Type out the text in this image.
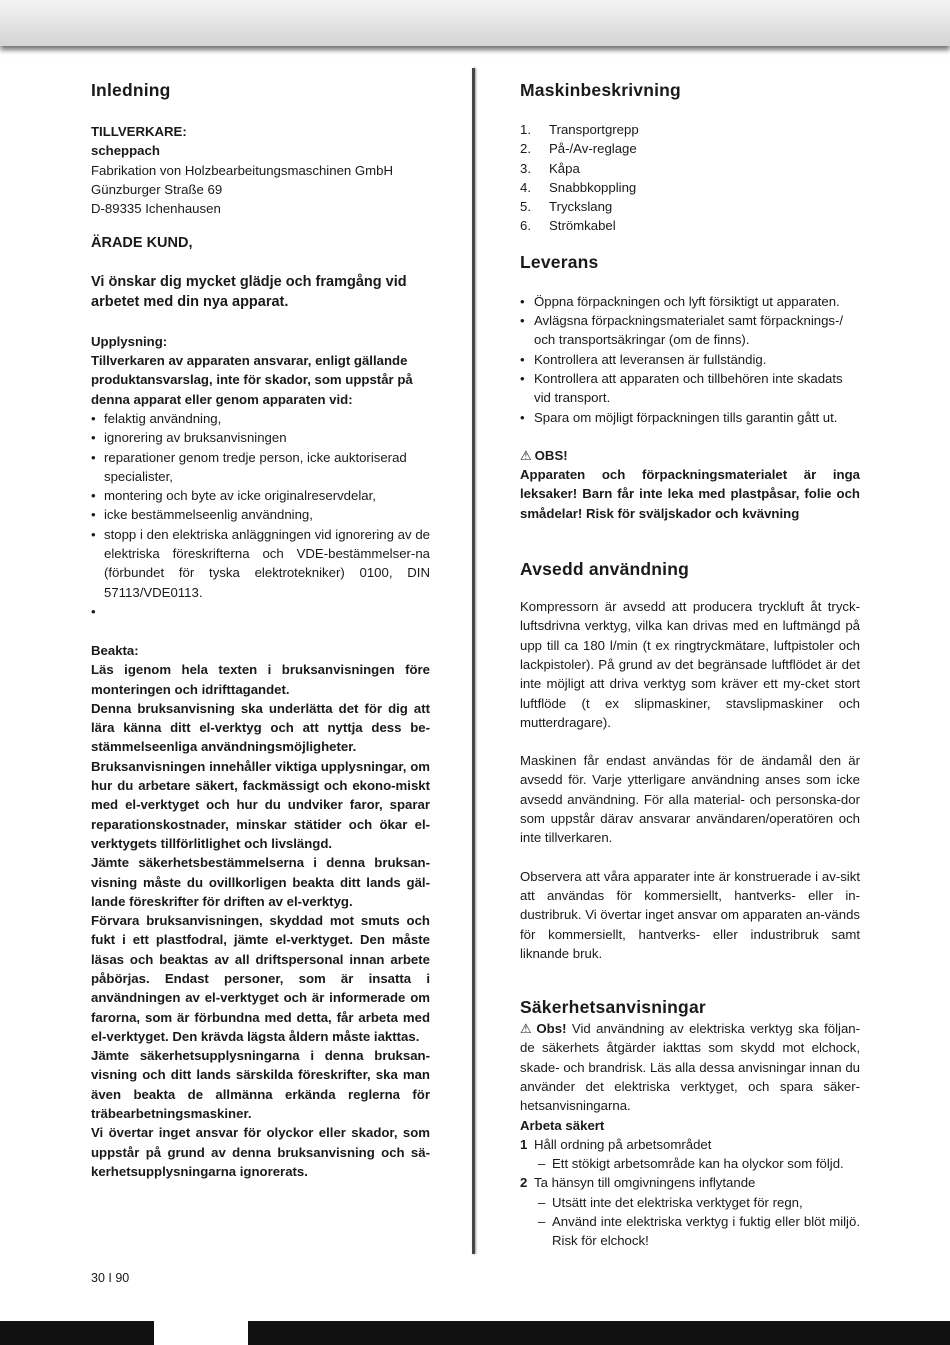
Inledning

TILLVERKARE:

scheppach

Fabrikation von Holzbearbeitungsmaschinen GmbH

Günzburger Straße 69

D-89335 Ichenhausen

ÄRADE KUND,

Vi önskar dig mycket glädje och framgång vid arbetet med din nya apparat.

Upplysning:

Tillverkaren av apparaten ansvarar, enligt gällande produktansvarslag, inte för skador, som uppstår på denna apparat eller genom apparaten vid:

• felaktig användning,
• ignorering av bruksanvisningen
• reparationer genom tredje person, icke auktoriserad specialister,
• montering och byte av icke originalreservdelar,
• icke bestämmelseenlig användning,
• stopp i den elektriska anläggningen vid ignorering av de elektriska föreskrifterna och VDE-bestämmelser-na (förbundet för tyska elektrotekniker) 0100, DIN 57113/VDE0113.
•

Beakta:

Läs igenom hela texten i bruksanvisningen före monteringen och idrifttagandet.

Denna bruksanvisning ska underlätta det för dig att lära känna ditt el-verktyg och att nyttja dess be-stämmelseenliga användningsmöjligheter.

Bruksanvisningen innehåller viktiga upplysningar, om hur du arbetare säkert, fackmässigt och ekono-miskt med el-verktyget och hur du undviker faror, sparar reparationskostnader, minskar stätider och ökar el-verktygets tillförlitlighet och livslängd.

Jämte säkerhetsbestämmelserna i denna bruksan-visning måste du ovillkorligen beakta ditt lands gäl-lande föreskrifter för driften av el-verktyg.

Förvara bruksanvisningen, skyddad mot smuts och fukt i ett plastfodral, jämte el-verktyget. Den måste läsas och beaktas av all driftspersonal innan arbete påbörjas. Endast personer, som är insatta i användningen av el-verktyget och är informerade om farorna, som är förbundna med detta, får arbeta med el-verktyget. Den krävda lägsta åldern måste iakttas.

Jämte säkerhetsupplysningarna i denna bruksan-visning och ditt lands särskilda föreskrifter, ska man även beakta de allmänna erkända reglerna för träbearbetningsmaskiner.

Vi övertar inget ansvar för olyckor eller skador, som uppstår på grund av denna bruksanvisning och sä-kerhetsupplysningarna ignorerats.

Maskinbeskrivning
1.	Transportgrepp
2.	På-/Av-reglage
3.	Kåpa
4.	Snabbkoppling
5.	Tryckslang
6.	Strömkabel
Leverans
• Öppna förpackningen och lyft försiktigt ut apparaten.
• Avlägsna förpackningsmaterialet samt förpacknings-/ och transportsäkringar (om de finns).
• Kontrollera att leveransen är fullständig.
• Kontrollera att apparaten och tillbehören inte skadats vid transport.
• Spara om möjligt förpackningen tills garantin gått ut.

⚠ OBS!

Apparaten och förpackningsmaterialet är inga leksaker! Barn får inte leka med plastpåsar, folie och smådelar! Risk för sväljskador och kvävning

Avsedd användning

Kompressorn är avsedd att producera tryckluft åt tryck-luftsdrivna verktyg, vilka kan drivas med en luftmängd på upp till ca 180 l/min (t ex ringtryckmätare, luftpistoler och lackpistoler). På grund av det begränsade luftflödet är det inte möjligt att driva verktyg som kräver ett my-cket stort luftflöde (t ex slipmaskiner, stavslipmaskiner och mutterdragare).

Maskinen får endast användas för de ändamål den är avsedd för. Varje ytterligare användning anses som icke avsedd användning. För alla material- och personska-dor som uppstår därav ansvarar användaren/operatören och inte tillverkaren.

Observera att våra apparater inte är konstruerade i av-sikt att användas för kommersiellt, hantverks- eller in-dustribruk. Vi övertar inget ansvar om apparaten an-vänds för kommersiellt, hantverks- eller industribruk samt liknande bruk.

Säkerhetsanvisningar

⚠ Obs! Vid användning av elektriska verktyg ska följan-de säkerhets åtgärder iakttas som skydd mot elchock, skade- och brandrisk. Läs alla dessa anvisningar innan du använder det elektriska verktyget, och spara säker-hetsanvisningarna.

Arbeta säkert

1 Håll ordning på arbetsområdet
– Ett stökigt arbetsområde kan ha olyckor som följd.
2 Ta hänsyn till omgivningens inflytande
– Utsätt inte det elektriska verktyget för regn,
– Använd inte elektriska verktyg i fuktig eller blöt miljö. Risk för elchock!
30 I 90
